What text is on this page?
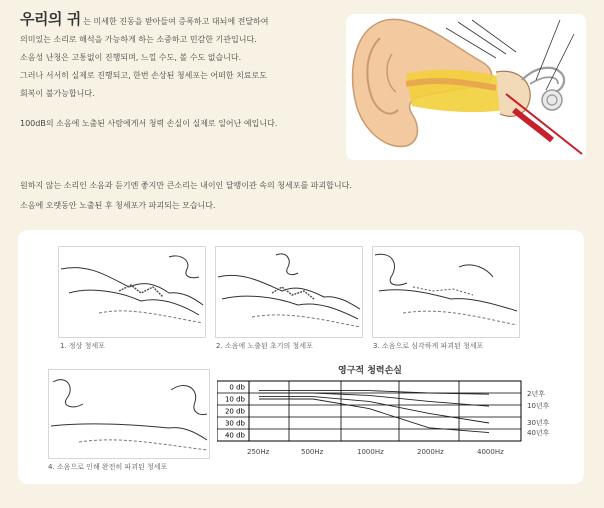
우리의 귀 는 미세한 진동을 받아들여 증폭하고 대뇌에 전달하여

의미있는 소리로 해석을 가능하게 하는 소중하고 민감한 기관입니다.

소음성 난청은 고통없이 진행되며, 느낄 수도, 볼 수도 없습니다.

그러나 서서히 실제로 진행되고, 한번 손상된 청세포는 어떠한 치료로도

회복이 불가능합니다.

100dB의 소음에 노출된 사람에게서 청력 손실이 실제로 일어난 예입니다.

원하지 않는 소리인 소음과 듣기엔 좋지만 큰소리는 내이인 달팽이관 속의 청세포를 파괴합니다.
소음에 오랫동안 노출된 후 청세포가 파괴되는 모습니다.
1. 정상 청세포	2. 소음에 노출된 초기의 청세포	3. 소음으로 심각하게 파괴된 청세포
4. 소음으로 인해 완전히 파괴된 청세포
영구적 청력손실
0 db
10 db
20 db
30 db
40 db
2년후
10년후
30년후
40년후
250Hz	500Hz	1000Hz	2000Hz	4000Hz
